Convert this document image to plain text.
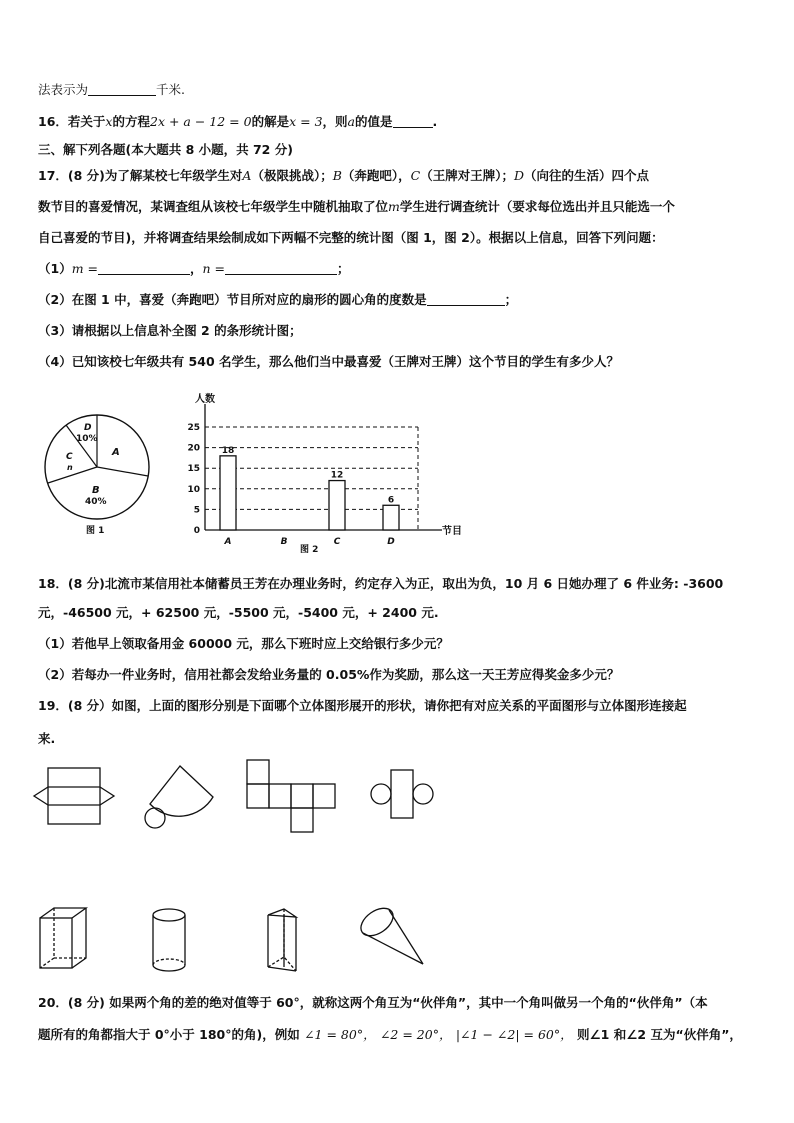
法表示为	千米.
16．若关于x的方程2x + a − 12 = 0的解是x = 3，则a的值是	.
三、解下列各题(本大题共 8 小题，共 72 分)
17．(8 分)为了解某校七年级学生对A（极限挑战）；B（奔跑吧），C（王牌对王牌）；D（向往的生活）四个点
数节目的喜爱情况，某调查组从该校七年级学生中随机抽取了位m学生进行调查统计（要求每位选出并且只能选一个
自己喜爱的节目)，并将调查结果绘制成如下两幅不完整的统计图（图 1，图 2）。根据以上信息，回答下列问题：
（1）m =	，n =	；
（2）在图 1 中，喜爱（奔跑吧）节目所对应的扇形的圆心角的度数是	；
（3）请根据以上信息补全图 2 的条形统计图；
（4）已知该校七年级共有 540 名学生，那么他们当中最喜爱（王牌对王牌）这个节目的学生有多少人？
D
10%
C
n
A
B
40%
图 1
人数
节目
图 2
0
5
10
15
20
25
A
18
B	C
12
D
6
18．(8 分)北流市某信用社本储蓄员王芳在办理业务时，约定存入为正，取出为负，10 月 6 日她办理了 6 件业务: -3600
元，-46500 元，+ 62500 元，-5500 元，-5400 元，+ 2400 元.
（1）若他早上领取备用金 60000 元，那么下班时应上交给银行多少元？
（2）若每办一件业务时，信用社都会发给业务量的 0.05%作为奖励，那么这一天王芳应得奖金多少元？
19．(8 分）如图，上面的图形分别是下面哪个立体图形展开的形状，请你把有对应关系的平面图形与立体图形连接起
来.
20．(8 分) 如果两个角的差的绝对值等于 60°，就称这两个角互为“伙伴角”，其中一个角叫做另一个角的“伙伴角”（本
题所有的角都指大于 0°小于 180°的角)，例如 ∠1 = 80°， ∠2 = 20°， |∠1 − ∠2| = 60°， 则∠1 和∠2 互为“伙伴角”，
